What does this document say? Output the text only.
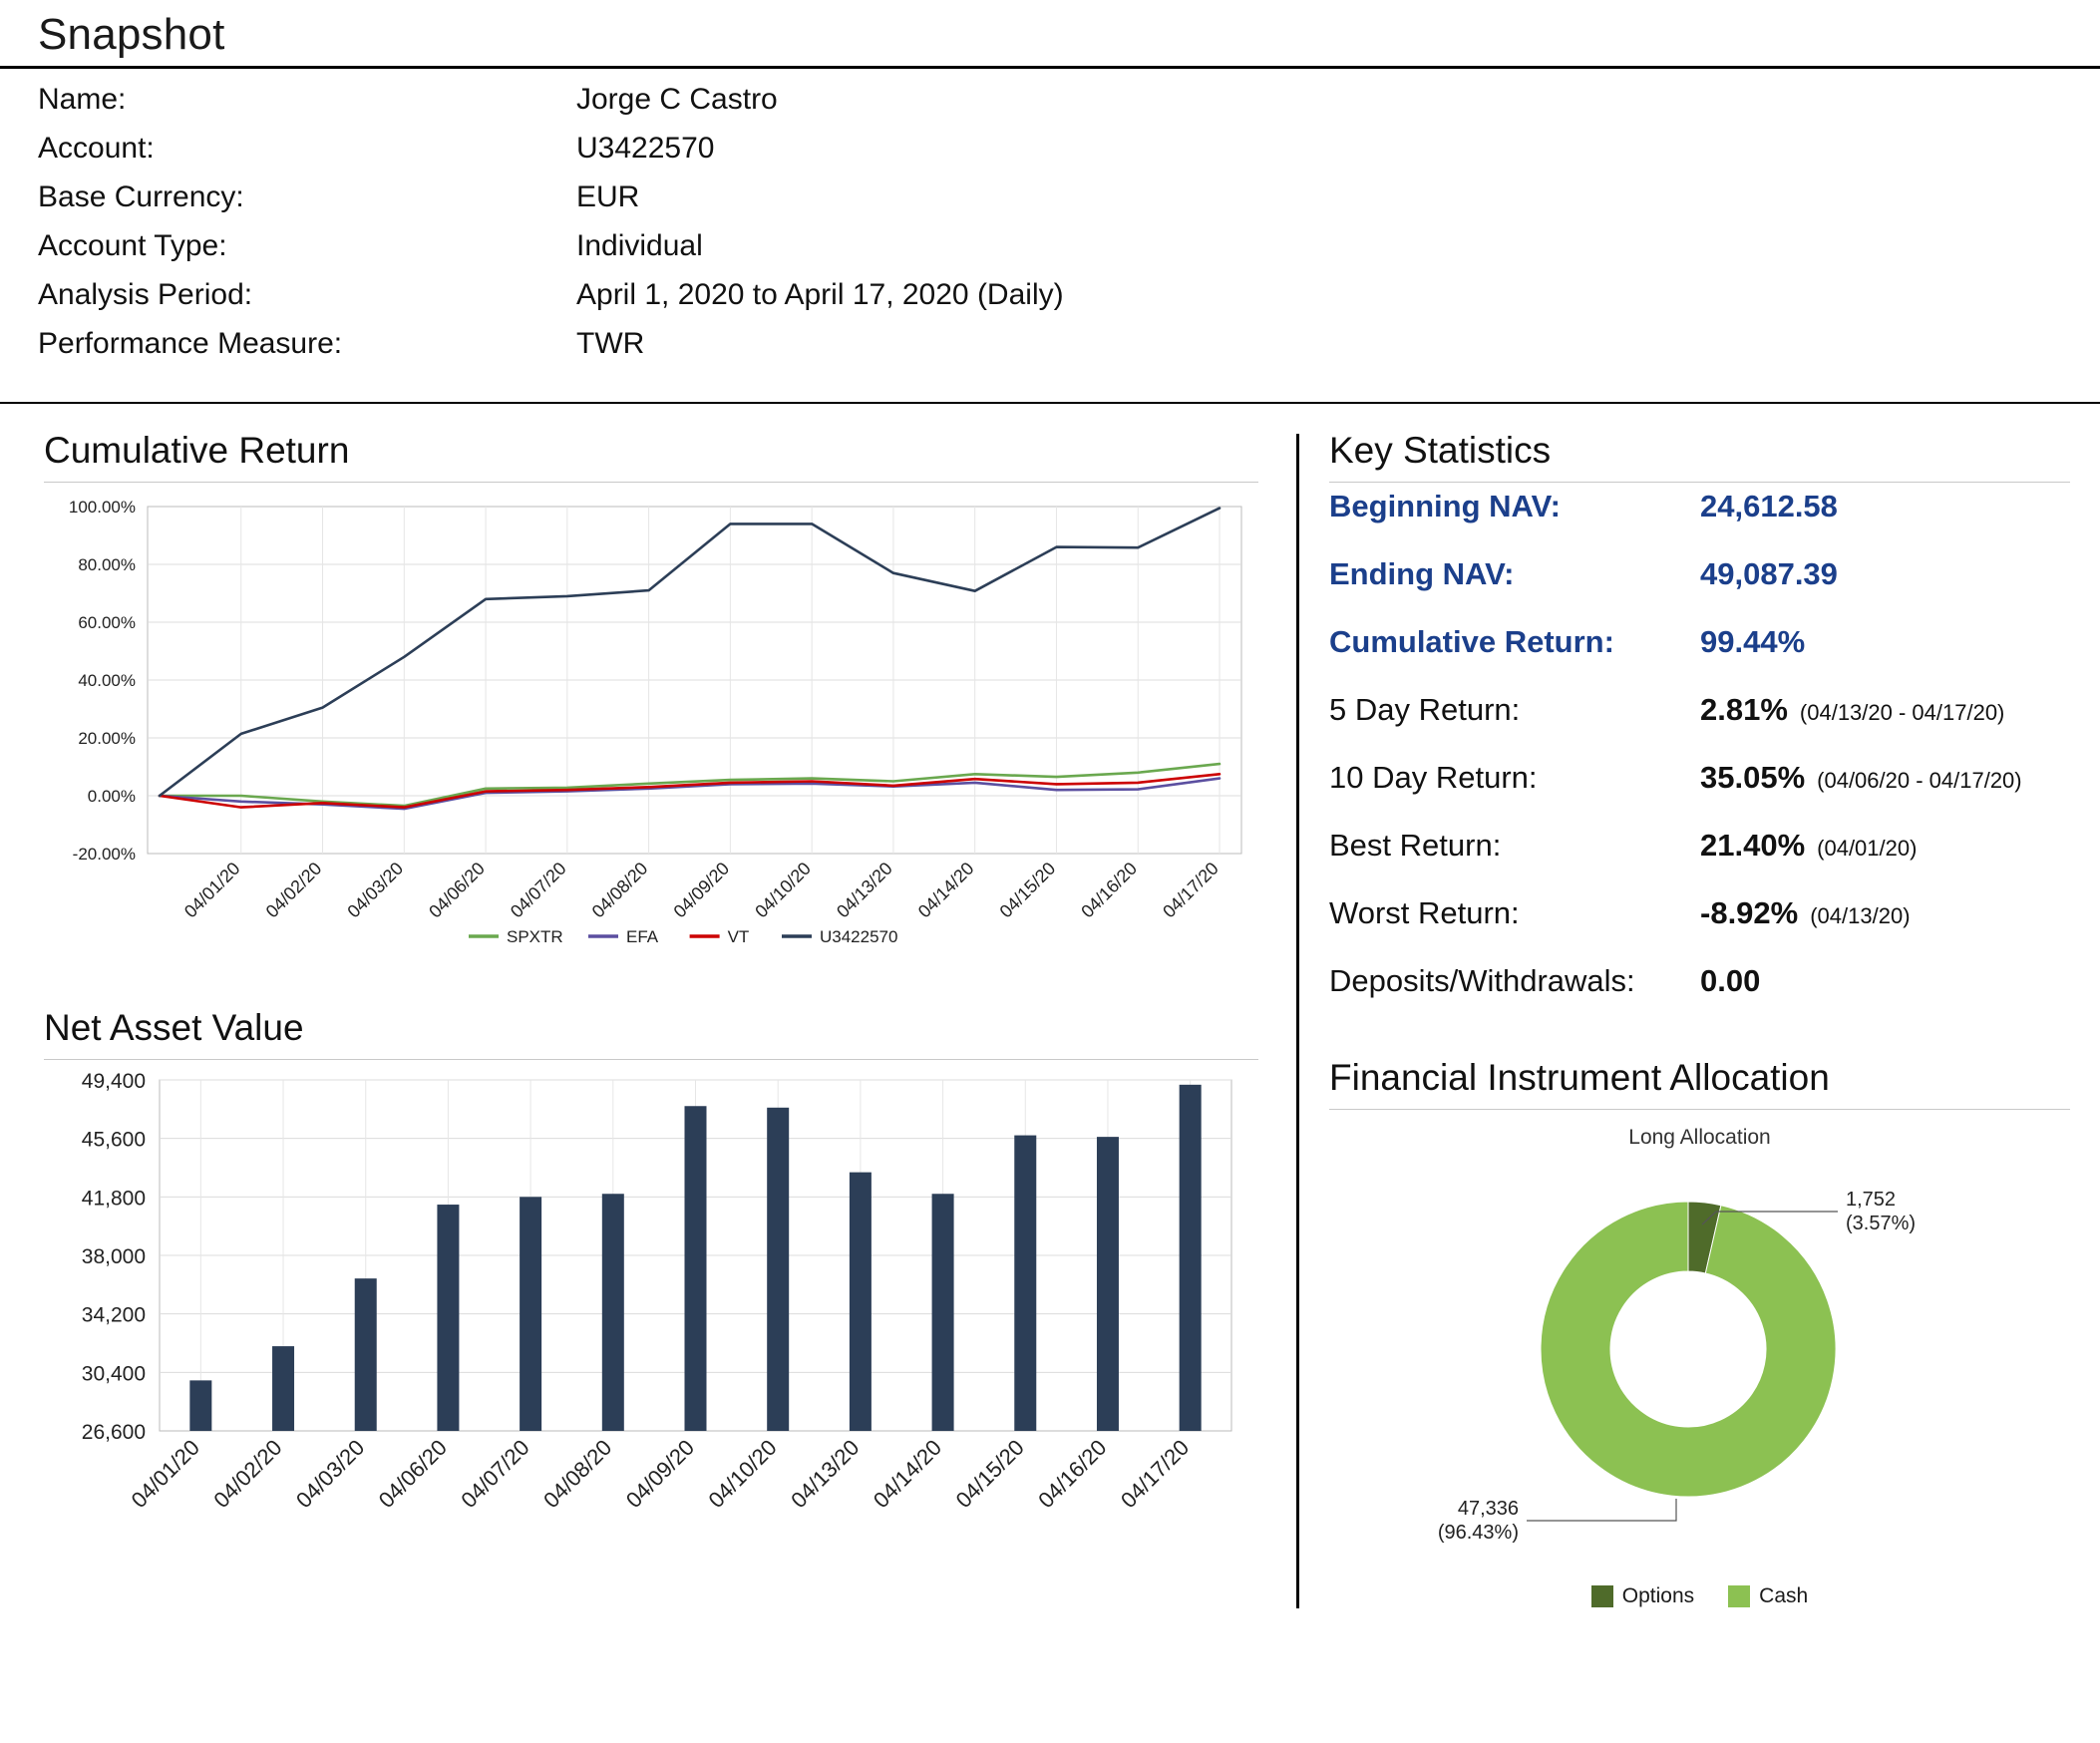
Snapshot
Name:	Jorge C Castro
Account:	U3422570
Base Currency:	EUR
Account Type:	Individual
Analysis Period:	April 1, 2020 to April 17, 2020 (Daily)
Performance Measure:	TWR
Cumulative Return
100.00%
80.00%
60.00%
40.00%
20.00%
0.00%
-20.00%
04/01/20 04/02/20 04/03/20 04/06/20 04/07/20 04/08/20 04/09/20 04/10/20 04/13/20 04/14/20 04/15/20 04/16/20 04/17/20
SPXTR	EFA	VT	U3422570
Net Asset Value
49,400
45,600
41,800
38,000
34,200
30,400
26,600
04/01/20 04/02/20 04/03/20 04/06/20 04/07/20 04/08/20 04/09/20 04/10/20 04/13/20 04/14/20 04/15/20 04/16/20 04/17/20
Key Statistics
Beginning NAV:	24,612.58
Ending NAV:	49,087.39
Cumulative Return:	99.44%
5 Day Return:	2.81% (04/13/20 - 04/17/20)
10 Day Return:	35.05% (04/06/20 - 04/17/20)
Best Return:	21.40% (04/01/20)
Worst Return:	-8.92% (04/13/20)
Deposits/Withdrawals:	0.00
Financial Instrument Allocation
Long Allocation
1,752
(3.57%)
47,336
(96.43%)
Options	Cash
